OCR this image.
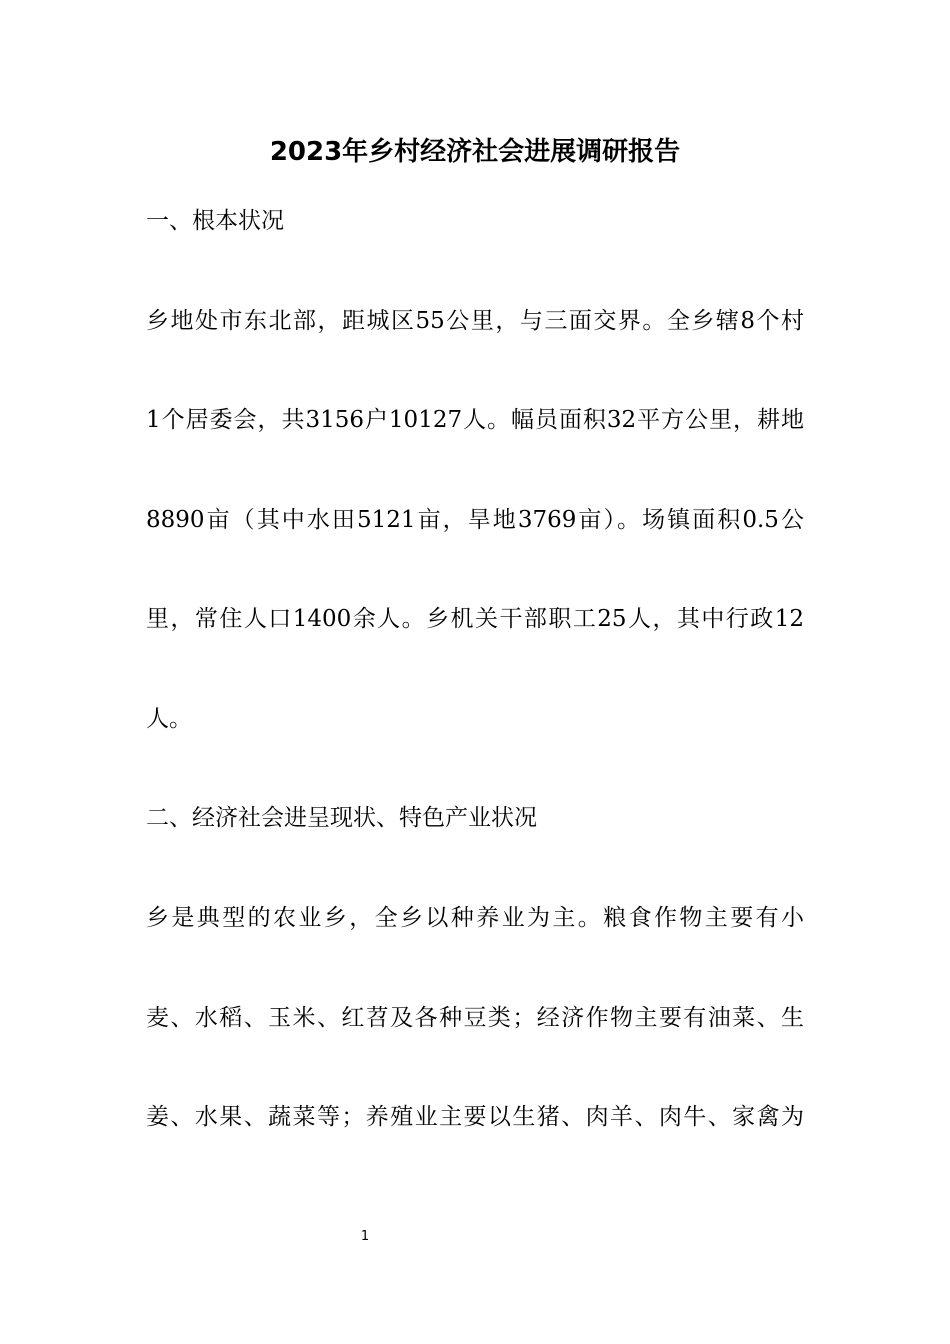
2023年乡村经济社会进展调研报告
一、根本状况
乡地处市东北部，距城区55公里，与三面交界。全乡辖8个村
1个居委会，共3156户10127人。幅员面积32平方公里，耕地
8890亩（其中水田5121亩，旱地3769亩）。场镇面积0.5公
里，常住人口1400余人。乡机关干部职工25人，其中行政12
人。
二、经济社会进呈现状、特色产业状况
乡是典型的农业乡，全乡以种养业为主。粮食作物主要有小
麦、水稻、玉米、红苕及各种豆类；经济作物主要有油菜、生
姜、水果、蔬菜等；养殖业主要以生猪、肉羊、肉牛、家禽为
1
